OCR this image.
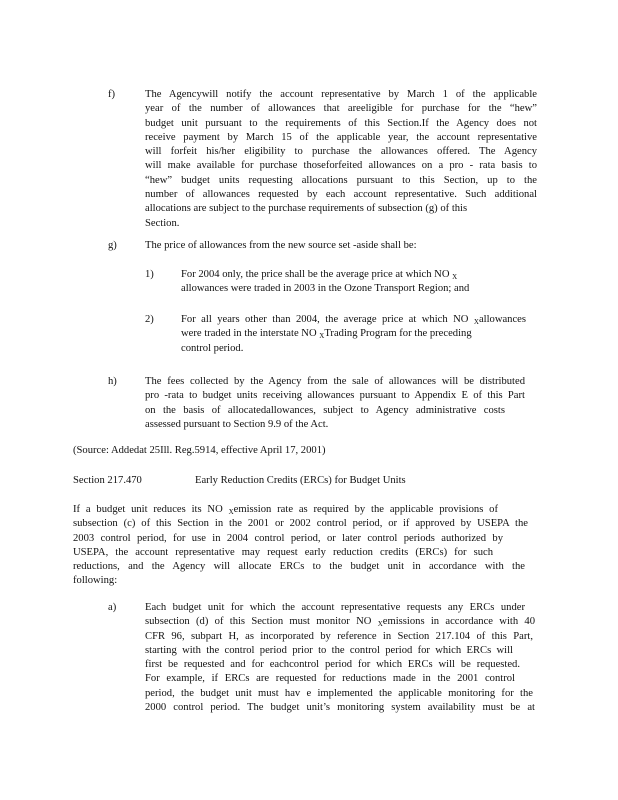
f)	The Agencywill notify the account representative by March 1 of the applicable
year of the number of allowances that areeligible for purchase for the “hew”
budget unit pursuant to the requirements of this Section.If the Agency does not
receive payment by March 15 of the applicable year, the account representative
will forfeit his/her eligibility to purchase the allowances offered. The Agency
will make available for purchase thoseforfeited allowances on a pro - rata basis to
“hew” budget units requesting allocations pursuant to this Section, up to the
number of allowances requested by each account representative. Such additional
allocations are subject to the purchase requirements of subsection (g) of this
Section.
g)	The price of allowances from the new source set -aside shall be:
1)	For 2004 only, the price shall be the average price at which NO $_X$
allowances were traded in 2003 in the Ozone Transport Region; and
2)	For all years other than 2004, the average price at which NO $_X$allowances
were traded in the interstate NO $_X$Trading Program for the preceding
control period.
h)	The fees collected by the Agency from the sale of allowances will be distributed
pro -rata to budget units receiving allowances pursuant to Appendix E of this Part
on the basis of allocatedallowances, subject to Agency administrative costs
assessed pursuant to Section 9.9 of the Act.
(Source: Addedat 25Ill. Reg.5914, effective April 17, 2001)
Section 217.470	Early Reduction Credits (ERCs) for Budget Units
If a budget unit reduces its NO $_X$emission rate as required by the applicable provisions of
subsection (c) of this Section in the 2001 or 2002 control period, or if approved by USEPA the
2003 control period, for use in 2004 control period, or later control periods authorized by
USEPA, the account representative may request early reduction credits (ERCs) for such
reductions, and the Agency will allocate ERCs to the budget unit in accordance with the
following:
a)	Each budget unit for which the account representative requests any ERCs under
subsection (d) of this Section must monitor NO $_X$emissions in accordance with 40
CFR 96, subpart H, as incorporated by reference in Section 217.104 of this Part,
starting with the control period prior to the control period for which ERCs will
first be requested and for eachcontrol period for which ERCs will be requested.
For example, if ERCs are requested for reductions made in the 2001 control
period, the budget unit must hav e implemented the applicable monitoring for the
2000 control period. The budget unit’s monitoring system availability must be at
